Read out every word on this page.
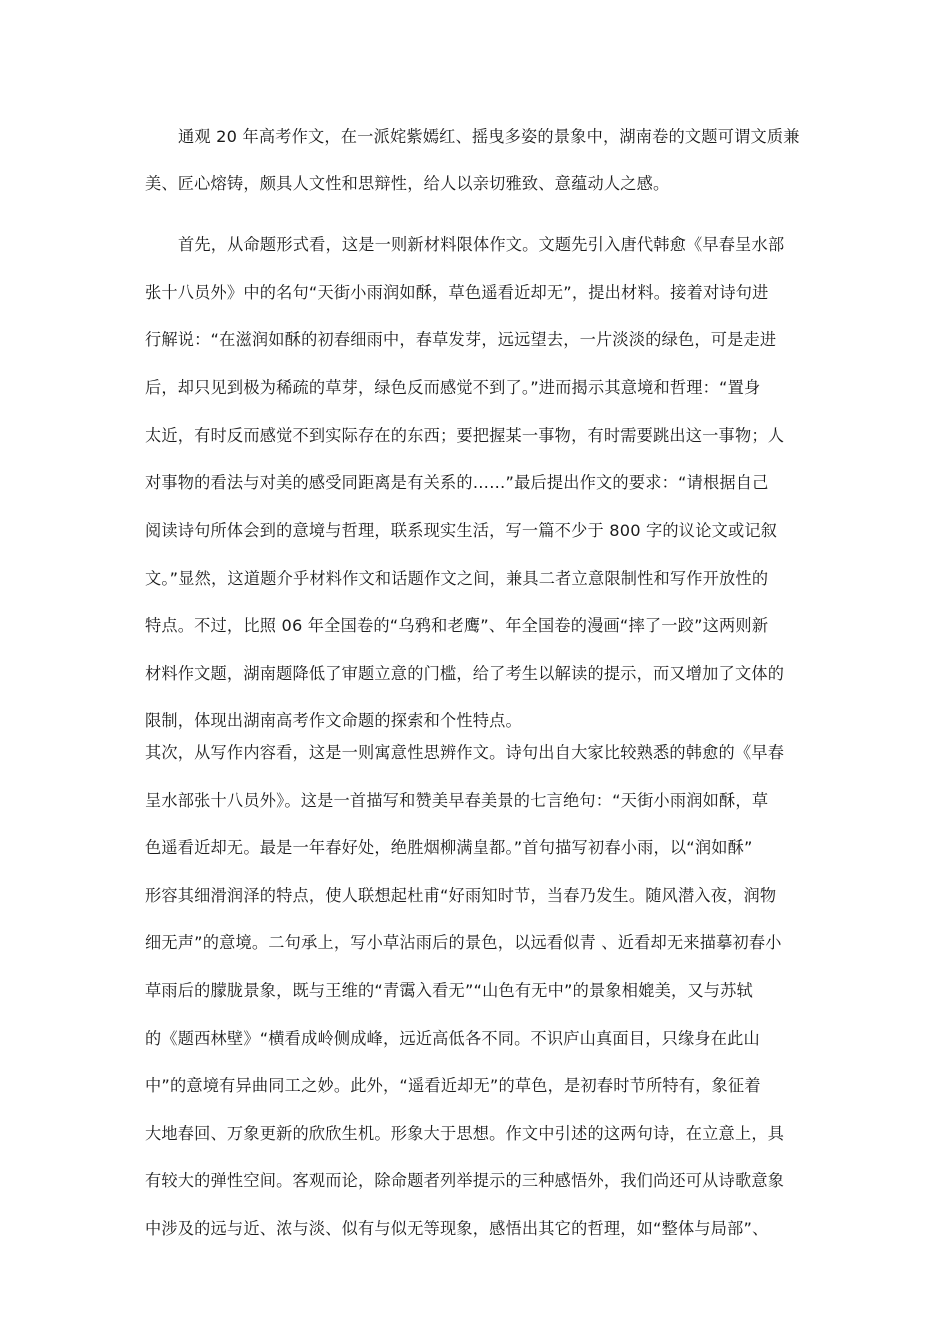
通观 20 年高考作文，在一派姹紫嫣红、摇曳多姿的景象中，湖南卷的文题可谓文质兼
美、匠心熔铸，颇具人文性和思辩性，给人以亲切雅致、意蕴动人之感。
首先，从命题形式看，这是一则新材料限体作文。文题先引入唐代韩愈《早春呈水部
张十八员外》中的名句“天街小雨润如酥，草色遥看近却无”，提出材料。接着对诗句进
行解说：“在滋润如酥的初春细雨中，春草发芽，远远望去，一片淡淡的绿色，可是走进
后，却只见到极为稀疏的草芽，绿色反而感觉不到了。”进而揭示其意境和哲理：“置身
太近，有时反而感觉不到实际存在的东西；要把握某一事物，有时需要跳出这一事物；人
对事物的看法与对美的感受同距离是有关系的……”最后提出作文的要求：“请根据自己
阅读诗句所体会到的意境与哲理，联系现实生活，写一篇不少于 800 字的议论文或记叙
文。”显然，这道题介乎材料作文和话题作文之间，兼具二者立意限制性和写作开放性的
特点。不过，比照 06 年全国卷的“乌鸦和老鹰”、年全国卷的漫画“摔了一跤”这两则新
材料作文题，湖南题降低了审题立意的门槛，给了考生以解读的提示，而又增加了文体的
限制，体现出湖南高考作文命题的探索和个性特点。
其次，从写作内容看，这是一则寓意性思辨作文。诗句出自大家比较熟悉的韩愈的《早春
呈水部张十八员外》。这是一首描写和赞美早春美景的七言绝句：“天街小雨润如酥，草
色遥看近却无。最是一年春好处，绝胜烟柳满皇都。”首句描写初春小雨，以“润如酥”
形容其细滑润泽的特点，使人联想起杜甫“好雨知时节，当春乃发生。随风潜入夜，润物
细无声”的意境。二句承上，写小草沾雨后的景色，以远看似青 、近看却无来描摹初春小
草雨后的朦胧景象，既与王维的“青霭入看无”“山色有无中”的景象相媲美，又与苏轼
的《题西林壁》“横看成岭侧成峰，远近高低各不同。不识庐山真面目，只缘身在此山
中”的意境有异曲同工之妙。此外，“遥看近却无”的草色，是初春时节所特有，象征着
大地春回、万象更新的欣欣生机。形象大于思想。作文中引述的这两句诗，在立意上，具
有较大的弹性空间。客观而论，除命题者列举提示的三种感悟外，我们尚还可从诗歌意象
中涉及的远与近、浓与淡、似有与似无等现象，感悟出其它的哲理，如“整体与局部”、
